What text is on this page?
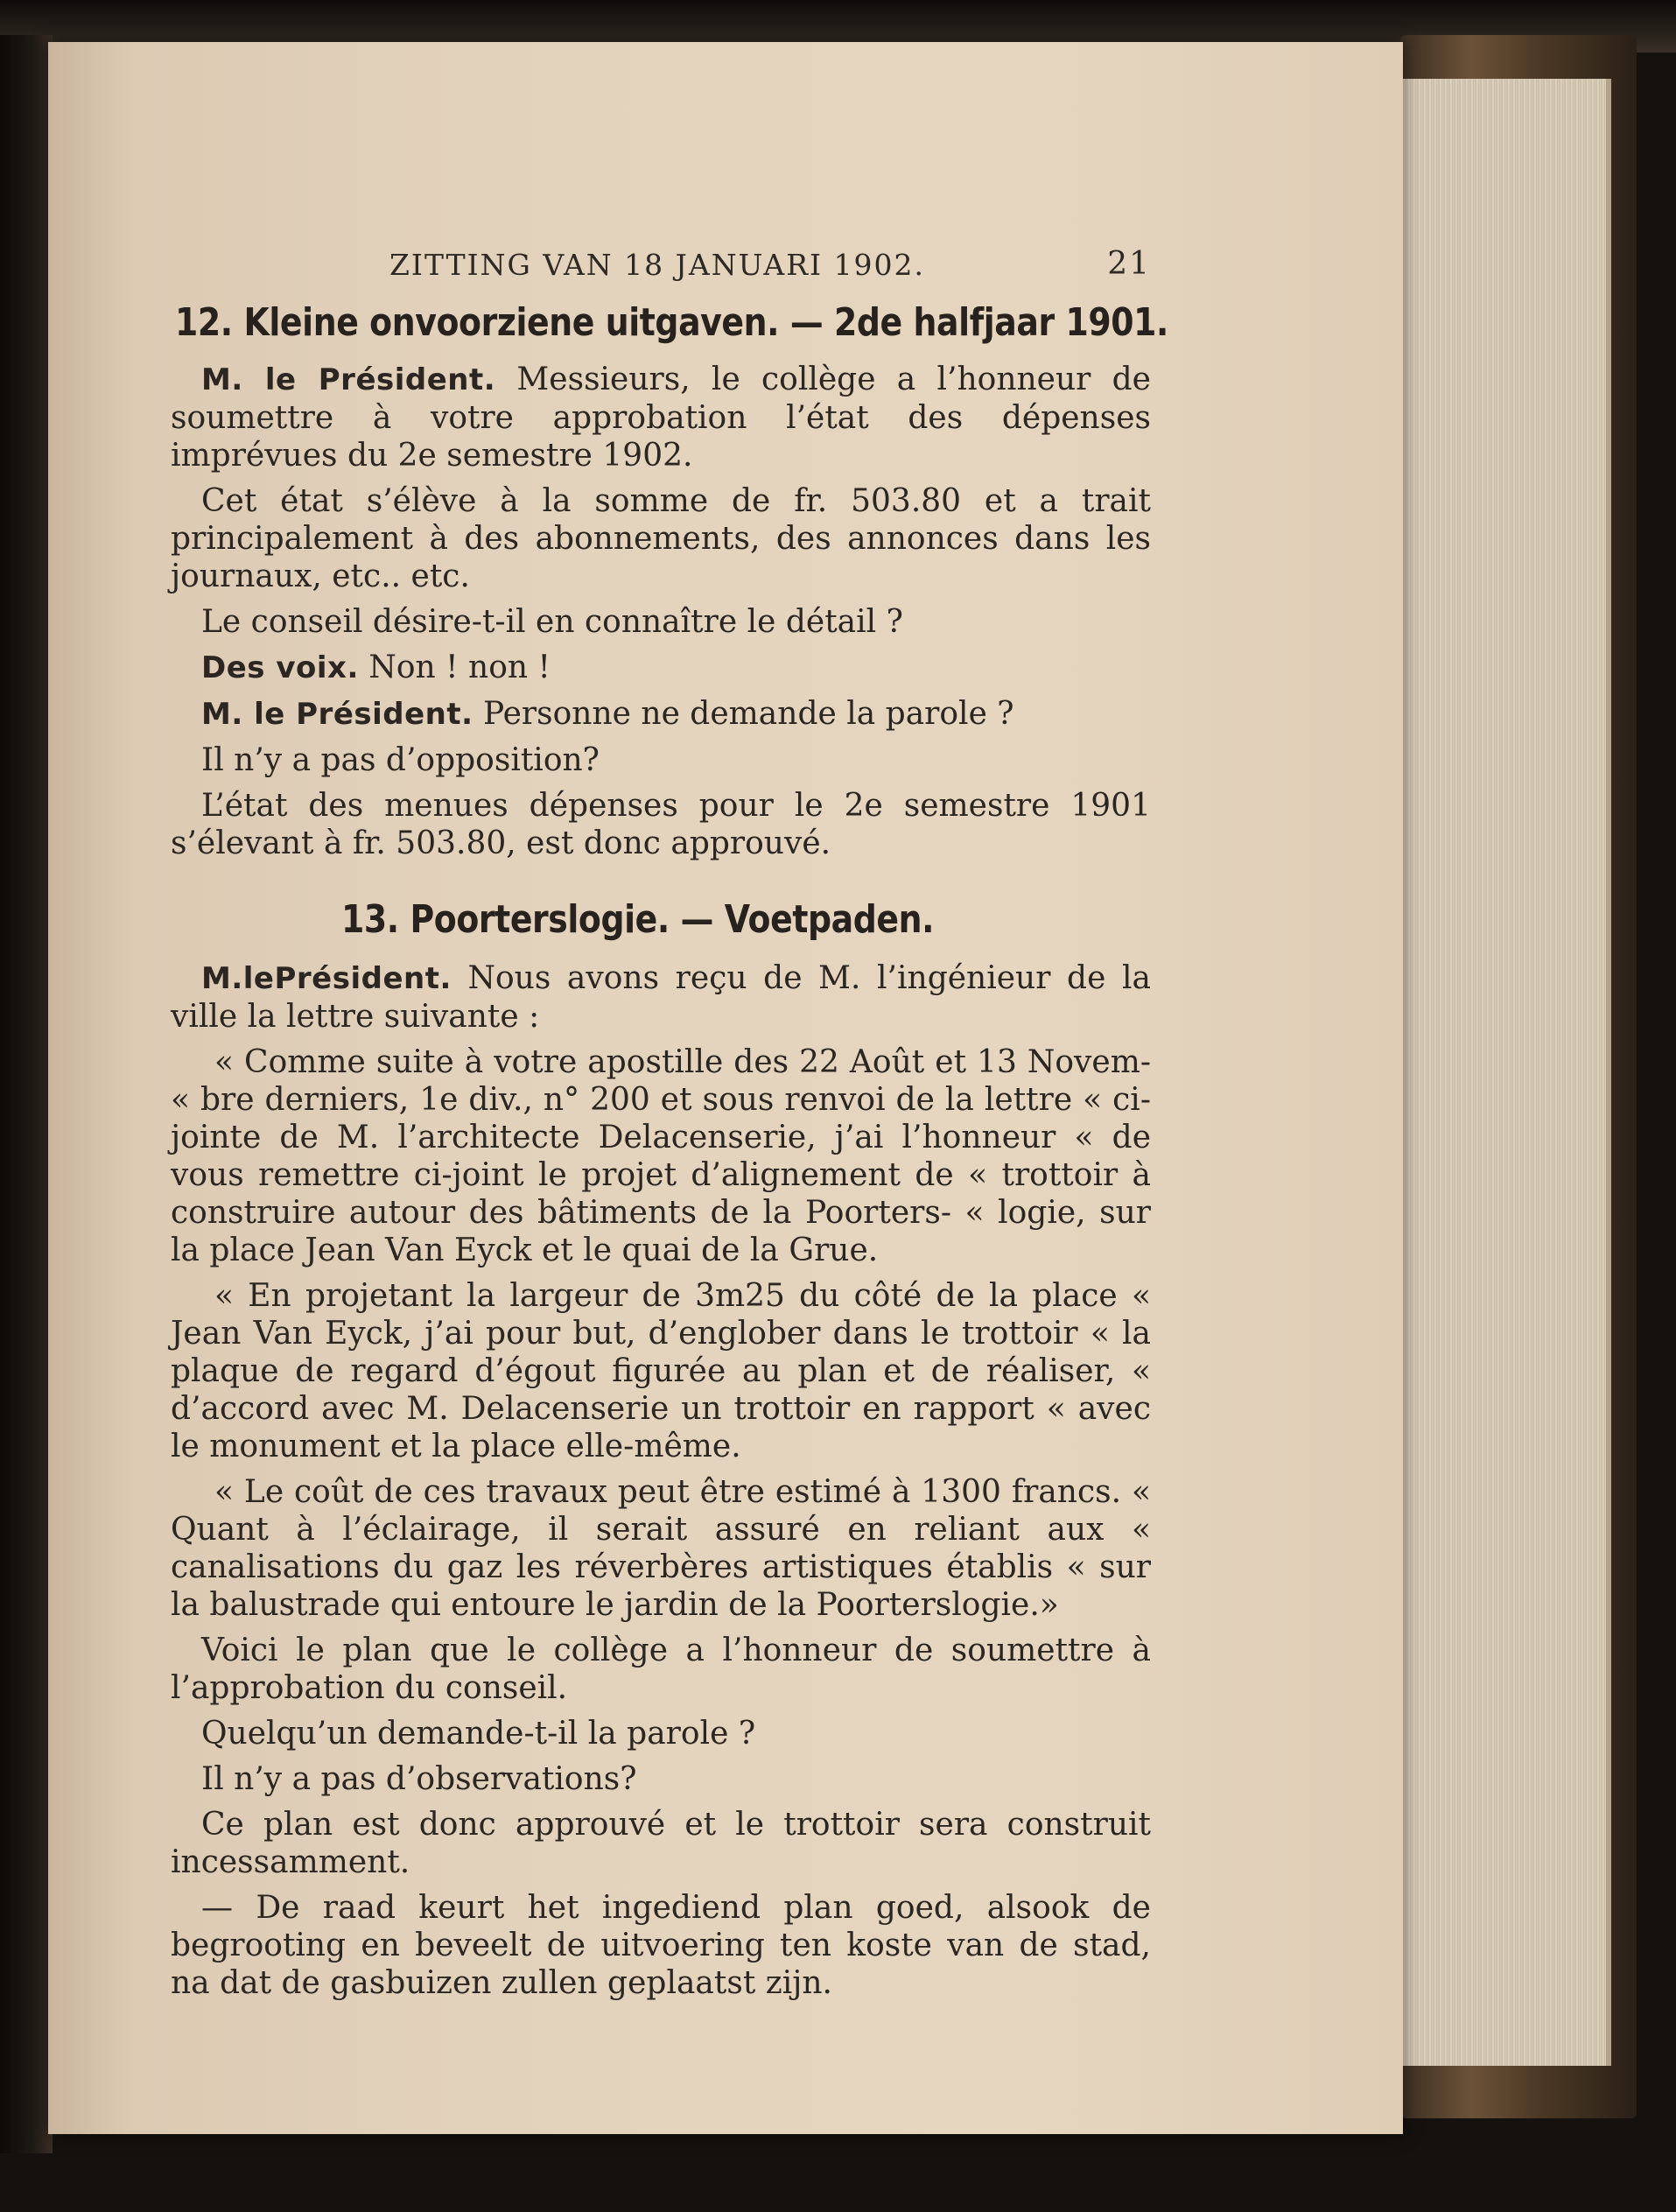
ZITTING VAN 18 JANUARI 1902.	21
12. Kleine onvoorziene uitgaven. — 2de halfjaar 1901.

M. le Président. Messieurs, le collège a l’honneur de soumettre à votre approbation l’état des dépenses imprévues du 2e semestre 1902.

Cet état s’élève à la somme de fr. 503.80 et a trait principalement à des abonnements, des annonces dans les journaux, etc.. etc.

Le conseil désire-t-il en connaître le détail ?

Des voix. Non ! non !

M. le Président. Personne ne demande la parole ?

Il n’y a pas d’opposition?

L’état des menues dépenses pour le 2e semestre 1901 s’élevant à fr. 503.80, est donc approuvé.

13. Poorterslogie. — Voetpaden.

M.lePrésident. Nous avons reçu de M. l’ingénieur de la ville la lettre suivante :

« Comme suite à votre apostille des 22 Août et 13 Novem- « bre derniers, 1e div., n° 200 et sous renvoi de la lettre « ci-jointe de M. l’architecte Delacenserie, j’ai l’honneur « de vous remettre ci-joint le projet d’alignement de « trottoir à construire autour des bâtiments de la Poorters- « logie, sur la place Jean Van Eyck et le quai de la Grue.

« En projetant la largeur de 3m25 du côté de la place « Jean Van Eyck, j’ai pour but, d’englober dans le trottoir « la plaque de regard d’égout figurée au plan et de réaliser, « d’accord avec M. Delacenserie un trottoir en rapport « avec le monument et la place elle-même.

« Le coût de ces travaux peut être estimé à 1300 francs. « Quant à l’éclairage, il serait assuré en reliant aux « canalisations du gaz les réverbères artistiques établis « sur la balustrade qui entoure le jardin de la Poorterslogie.»

Voici le plan que le collège a l’honneur de soumettre à l’approbation du conseil.

Quelqu’un demande-t-il la parole ?

Il n’y a pas d’observations?

Ce plan est donc approuvé et le trottoir sera construit incessamment.

— De raad keurt het ingediend plan goed, alsook de begrooting en beveelt de uitvoering ten koste van de stad, na dat de gasbuizen zullen geplaatst zijn.
